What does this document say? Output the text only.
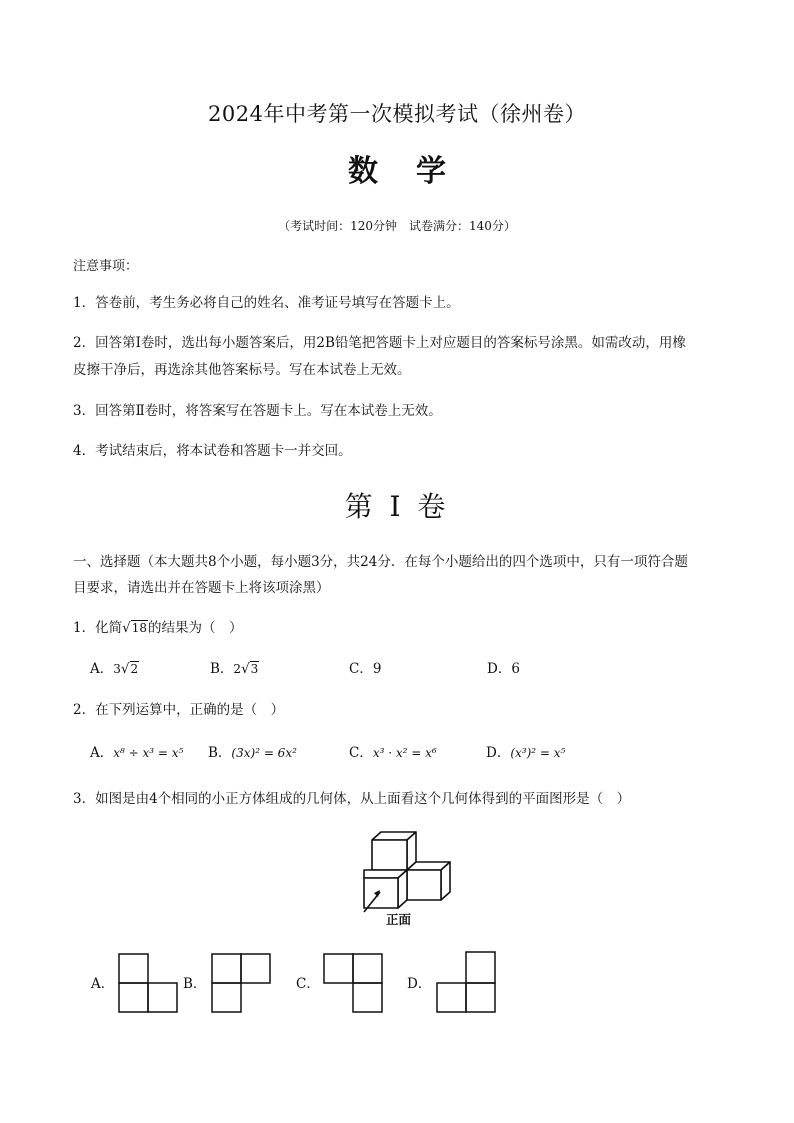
2024年中考第一次模拟考试（徐州卷）
数学
（考试时间：120分钟　试卷满分：140分）
注意事项：
1．答卷前，考生务必将自己的姓名、准考证号填写在答题卡上。
2．回答第Ⅰ卷时，选出每小题答案后，用2B铅笔把答题卡上对应题目的答案标号涂黑。如需改动，用橡
皮擦干净后，再选涂其他答案标号。写在本试卷上无效。
3．回答第Ⅱ卷时，将答案写在答题卡上。写在本试卷上无效。
4．考试结束后，将本试卷和答题卡一并交回。
第 I 卷
一、选择题（本大题共8个小题，每小题3分，共24分．在每个小题给出的四个选项中，只有一项符合题
目要求，请选出并在答题卡上将该项涂黑）
1．化简√18的结果为（　）
A．3√2	B．2√3	C．9	D．6
2．在下列运算中，正确的是（　）
A．x⁸ ÷ x³ = x⁵ B．(3x)² = 6x²	C．x³ · x² = x⁶	D．(x³)² = x⁵
3．如图是由4个相同的小正方体组成的几何体，从上面看这个几何体得到的平面图形是（　）
正面
A．	B．	C．	D．
